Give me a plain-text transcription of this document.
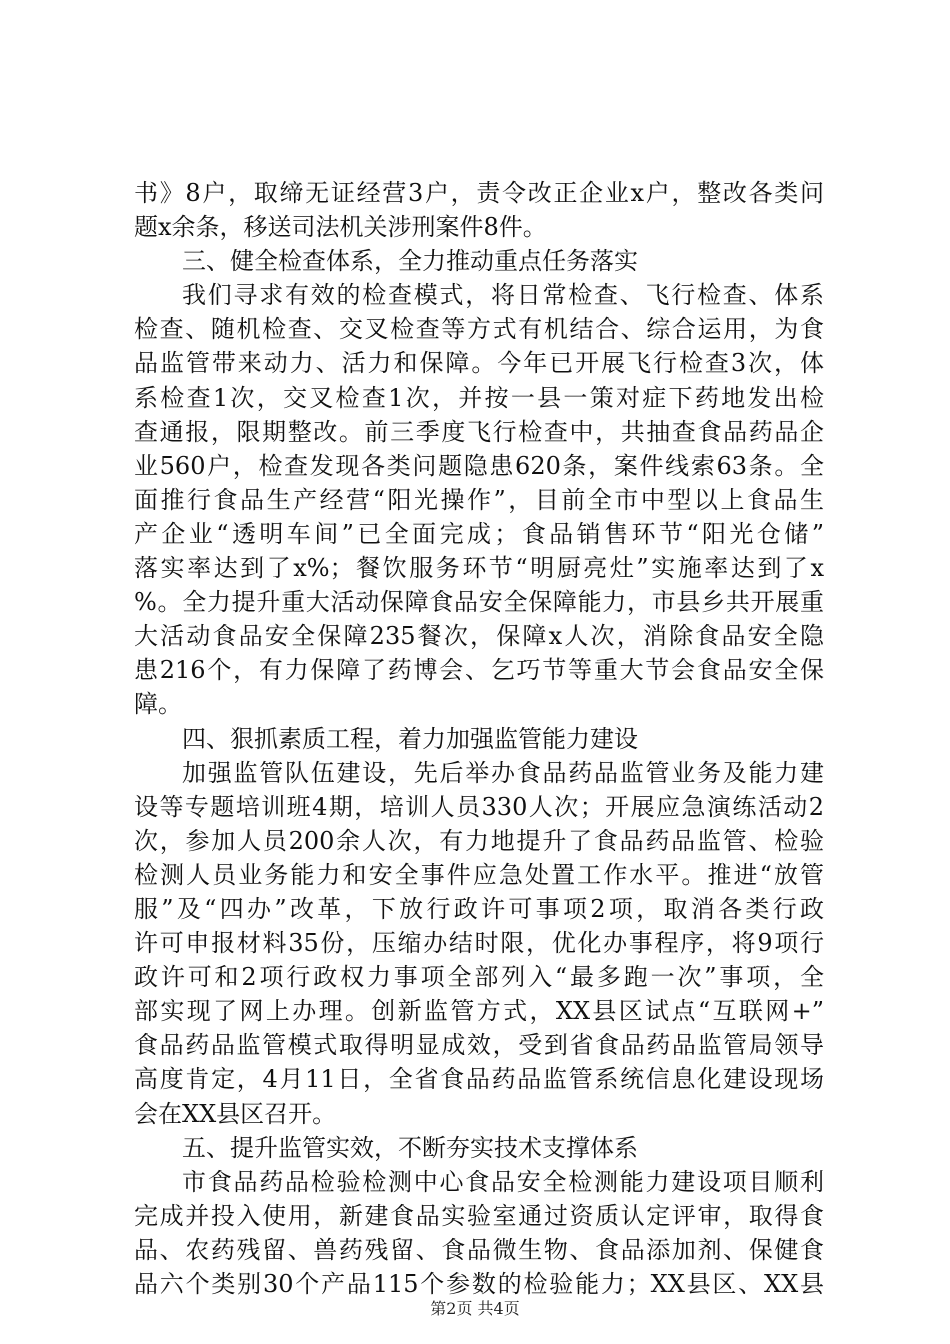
书》8户，取缔无证经营3户，责令改正企业x户，整改各类问
题x余条，移送司法机关涉刑案件8件。
三、健全检查体系，全力推动重点任务落实
我们寻求有效的检查模式，将日常检查、飞行检查、体系
检查、随机检查、交叉检查等方式有机结合、综合运用，为食
品监管带来动力、活力和保障。今年已开展飞行检查3次，体
系检查1次，交叉检查1次，并按一县一策对症下药地发出检
查通报，限期整改。前三季度飞行检查中，共抽查食品药品企
业560户，检查发现各类问题隐患620条，案件线索63条。全
面推行食品生产经营“阳光操作”，目前全市中型以上食品生
产企业“透明车间”已全面完成；食品销售环节“阳光仓储”
落实率达到了x%；餐饮服务环节“明厨亮灶”实施率达到了x
%。全力提升重大活动保障食品安全保障能力，市县乡共开展重
大活动食品安全保障235餐次，保障x人次，消除食品安全隐
患216个，有力保障了药博会、乞巧节等重大节会食品安全保
障。
四、狠抓素质工程，着力加强监管能力建设
加强监管队伍建设，先后举办食品药品监管业务及能力建
设等专题培训班4期，培训人员330人次；开展应急演练活动2
次，参加人员200余人次，有力地提升了食品药品监管、检验
检测人员业务能力和安全事件应急处置工作水平。推进“放管
服”及“四办”改革，下放行政许可事项2项，取消各类行政
许可申报材料35份，压缩办结时限，优化办事程序，将9项行
政许可和2项行政权力事项全部列入“最多跑一次”事项，全
部实现了网上办理。创新监管方式，XX县区试点“互联网+”
食品药品监管模式取得明显成效，受到省食品药品监管局领导
高度肯定，4月11日，全省食品药品监管系统信息化建设现场
会在XX县区召开。
五、提升监管实效，不断夯实技术支撑体系
市食品药品检验检测中心食品安全检测能力建设项目顺利
完成并投入使用，新建食品实验室通过资质认定评审，取得食
品、农药残留、兽药残留、食品微生物、食品添加剂、保健食
品六个类别30个产品115个参数的检验能力；XX县区、XX县
第2页 共4页
